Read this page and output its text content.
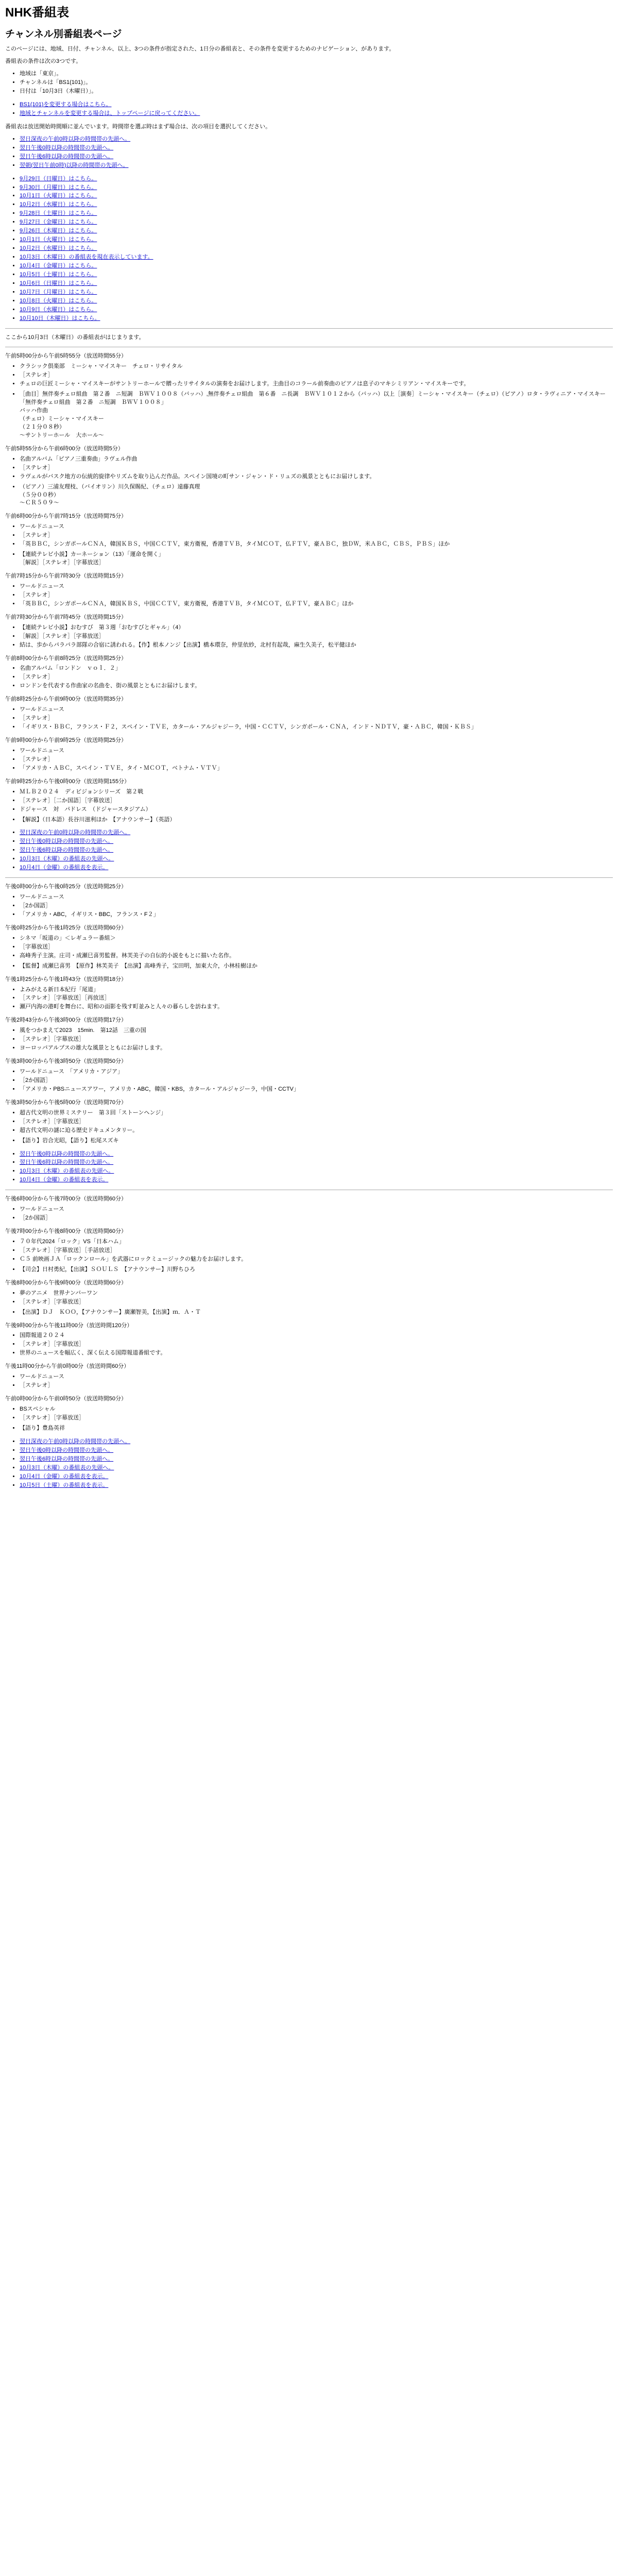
NHK番組表
チャンネル別番組表ページ

このページには、地域、日付、チャンネル、以上、3つの条件が指定された、1日分の番組表と、その条件を変更するためのナビゲーション、があります。

番組表の条件は次の3つです。

• 地域は「東京」。
• チャンネルは「BS1(101)」。
• 日付は「10月3日（木曜日）」。
• BS1(101)を変更する場合はこちら。
• 地域とチャンネルを変更する場合は、トップページに戻ってください。

番組表は放送開始時間順に並んでいます。時間帯を選ぶ時はまず場合は、次の項目を選択してください。

• 翌日深夜の午前0時以降の時間帯の先頭へ。
• 翌日午後0時以降の時間帯の先頭へ。
• 翌日午後6時以降の時間帯の先頭へ。
• 翌朝(翌日午前0時)以降の時間帯の先頭へ。
• 9月29日（日曜日）はこちら。
• 9月30日（月曜日）はこちら。
• 10月1日（火曜日）はこちら。
• 10月2日（水曜日）はこちら。
• 9月28日（土曜日）はこちら。
• 9月27日（金曜日）はこちら。
• 9月26日（木曜日）はこちら。
• 10月1日（火曜日）はこちら。
• 10月2日（水曜日）はこちら。
• 10月3日（木曜日）の番組表を現在表示しています。
• 10月4日（金曜日）はこちら。
• 10月5日（土曜日）はこちら。
• 10月6日（日曜日）はこちら。
• 10月7日（月曜日）はこちら。
• 10月8日（火曜日）はこちら。
• 10月9日（水曜日）はこちら。
• 10月10日（木曜日）はこちら。

ここから10月3日（木曜日）の番組表がはじまります。

午前5時00分から午前5時55分（放送時間55分）
• クラシック倶楽部　ミーシャ・マイスキー　チェロ・リサイタル
• ［ステレオ］
• チェロの巨匠ミーシャ・マイスキーがサントリーホールで贈ったリサイタルの演奏をお届けします。主曲目のコラール前奏曲のピアノは息子のマキシミリアン・マイスキーです。
• ［曲目］無伴奏チェロ組曲　第２番　ニ短調　ＢＷＶ１００８（バッハ）,無伴奏チェロ組曲　第６番　ニ長調　ＢＷＶ１０１２から（バッハ）以上［演奏］ミーシャ・マイスキー（チェロ）（ピアノ）ロタ・ラヴィニア・マイスキー
「無伴奏チェロ組曲　第２番　ニ短調　ＢＷＶ１００８」
バッハ作曲
（チェロ）ミーシャ・マイスキー
（２１分０８秒）
～サントリーホール　大ホール～
午前5時55分から午前6時00分（放送時間5分）
• 名曲アルバム「ピアノ三重奏曲」ラヴェル作曲
• ［ステレオ］
• ラヴェルがバスク地方の伝統的旋律やリズムを取り込んだ作品。スペイン国境の町サン・ジャン・ド・リュズの風景とともにお届けします。
• （ピアノ）三浦友理枝、（バイオリン）川久保賜紀、（チェロ）遠藤真理
（５分００秒）
～ＣＲ５０９～
午前6時00分から午前7時15分（放送時間75分）
• ワールドニュース
• ［ステレオ］
• 「英ＢＢＣ，シンガポールＣＮＡ，韓国ＫＢＳ，中国ＣＣＴＶ，東方衛視，香港ＴＶＢ，タイＭＣＯＴ，仏ＦＴＶ，豪ＡＢＣ，独ＤＷ，米ＡＢＣ，ＣＢＳ，ＰＢＳ」ほか
• 【連続テレビ小説】カーネーション（13）「運命を開く」
［解説］［ステレオ］［字幕放送］
午前7時15分から午前7時30分（放送時間15分）
• ワールドニュース
• ［ステレオ］
• 「英ＢＢＣ，シンガポールＣＮＡ，韓国ＫＢＳ，中国ＣＣＴＶ，東方衛視，香港ＴＶＢ，タイＭＣＯＴ，仏ＦＴＶ，豪ＡＢＣ」ほか
午前7時30分から午前7時45分（放送時間15分）
• 【連続テレビ小説】おむすび　第３週「おむすびとギャル」（4）
• ［解説］［ステレオ］［字幕放送］
• 結は、歩からパラパラ部隊の合宿に誘われる。【作】根本ノンジ【出演】橋本環奈，仲里依紗，北村有起哉，麻生久美子，松平健ほか
午前8時00分から午前8時25分（放送時間25分）
• 名曲アルバム「ロンドン　ｖｏｌ．２」
• ［ステレオ］
• ロンドンを代表する作曲家の名曲を、街の風景とともにお届けします。
午前8時25分から午前9時00分（放送時間35分）
• ワールドニュース
• ［ステレオ］
• 「イギリス・ＢＢＣ，フランス・Ｆ２，スペイン・ＴＶＥ，カタール・アルジャジーラ，中国・ＣＣＴＶ，シンガポール・ＣＮＡ，インド・ＮＤＴＶ，豪・ＡＢＣ，韓国・ＫＢＳ」
午前9時00分から午前9時25分（放送時間25分）
• ワールドニュース
• ［ステレオ］
• 「アメリカ・ＡＢＣ，スペイン・ＴＶＥ，タイ・ＭＣＯＴ，ベトナム・ＶＴＶ」
午前9時25分から午後0時00分（放送時間155分）
• ＭＬＢ２０２４　ディビジョンシリーズ　第２戦
• ［ステレオ］［二か国語］［字幕放送］
• ドジャース　対　パドレス　（ドジャースタジアム）
• 【解説】（日本語）長谷川滋利ほか　【アナウンサー】（英語）
• 翌日深夜の午前0時以降の時間帯の先頭へ。
• 翌日午後0時以降の時間帯の先頭へ。
• 翌日午後6時以降の時間帯の先頭へ。
• 10月3日（木曜）の番組表の先頭へ。
• 10月4日（金曜）の番組表を表示。
午後0時00分から午後0時25分（放送時間25分）
• ワールドニュース
• ［2か国語］
• 「アメリカ・ABC，イギリス・BBC，フランス・F２」
午後0時25分から午後1時25分（放送時間60分）
• シネマ「坂道の」＜レギュラー番組＞
• ［字幕放送］
• 高峰秀子主演。庄司・成瀬巳喜男監督。林芙美子の自伝的小説をもとに描いた名作。
• 【監督】成瀬巳喜男　【原作】林芙美子　【出演】高峰秀子，宝田明，加東大介，小林桂樹ほか
午後1時25分から午後1時43分（放送時間18分）
• よみがえる新日本紀行「尾道」
• ［ステレオ］［字幕放送］［再放送］
• 瀬戸内海の港町を舞台に、昭和の面影を残す町並みと人々の暮らしを訪ねます。
午後2時43分から午後3時00分（放送時間17分）
• 風をつかまえて2023　15min.　第12話　三重の国
• ［ステレオ］［字幕放送］
• ヨーロッパアルプスの雄大な風景とともにお届けします。
午後3時00分から午後3時50分（放送時間50分）
• ワールドニュース　「アメリカ・アジア」
• ［2か国語］
• 「アメリカ・PBSニュースアワー，アメリカ・ABC，韓国・KBS，カタール・アルジャジーラ，中国・CCTV」
午後3時50分から午後5時00分（放送時間70分）
• 超古代文明の世界ミステリー　第３回「ストーンヘンジ」
• ［ステレオ］［字幕放送］
• 超古代文明の謎に迫る歴史ドキュメンタリー。
• 【語り】岩合光昭，【語り】松尾スズキ
• 翌日午後0時以降の時間帯の先頭へ。
• 翌日午後6時以降の時間帯の先頭へ。
• 10月3日（木曜）の番組表の先頭へ。
• 10月4日（金曜）の番組表を表示。
午後6時00分から午後7時00分（放送時間60分）
• ワールドニュース
• ［2か国語］
午後7時00分から午後8時00分（放送時間60分）
• ７０年代2024「ロック」VS「日本ハム」
• ［ステレオ］［字幕放送］［手話放送］
• Ｃ５ 前映画ＪＡ「ロックンロール」を武器にロックミュージックの魅力をお届けします。
• 【司会】日村勇紀，【出演】ＳＯＵＬＳ　【アナウンサー】川野ちひろ
午後8時00分から午後9時00分（放送時間60分）
• 夢のアニメ　世界ナンバーワン
• ［ステレオ］［字幕放送］
• 【出演】ＤＪ　ＫＯＯ，【アナウンサー】廣瀬智美，【出演】ｍ．Ａ・Ｔ
午後9時00分から午後11時00分（放送時間120分）
• 国際報道２０２４
• ［ステレオ］［字幕放送］
• 世界のニュースを幅広く、深く伝える国際報道番組です。
午後11時00分から午前0時00分（放送時間60分）
• ワールドニュース
• ［ステレオ］
午前0時00分から午前0時50分（放送時間50分）
• BSスペシャル
• ［ステレオ］［字幕放送］
• 【語り】豊島英祥
• 翌日深夜の午前0時以降の時間帯の先頭へ。
• 翌日午後0時以降の時間帯の先頭へ。
• 翌日午後6時以降の時間帯の先頭へ。
• 10月3日（木曜）の番組表の先頭へ。
• 10月4日（金曜）の番組表を表示。
• 10月5日（土曜）の番組表を表示。
